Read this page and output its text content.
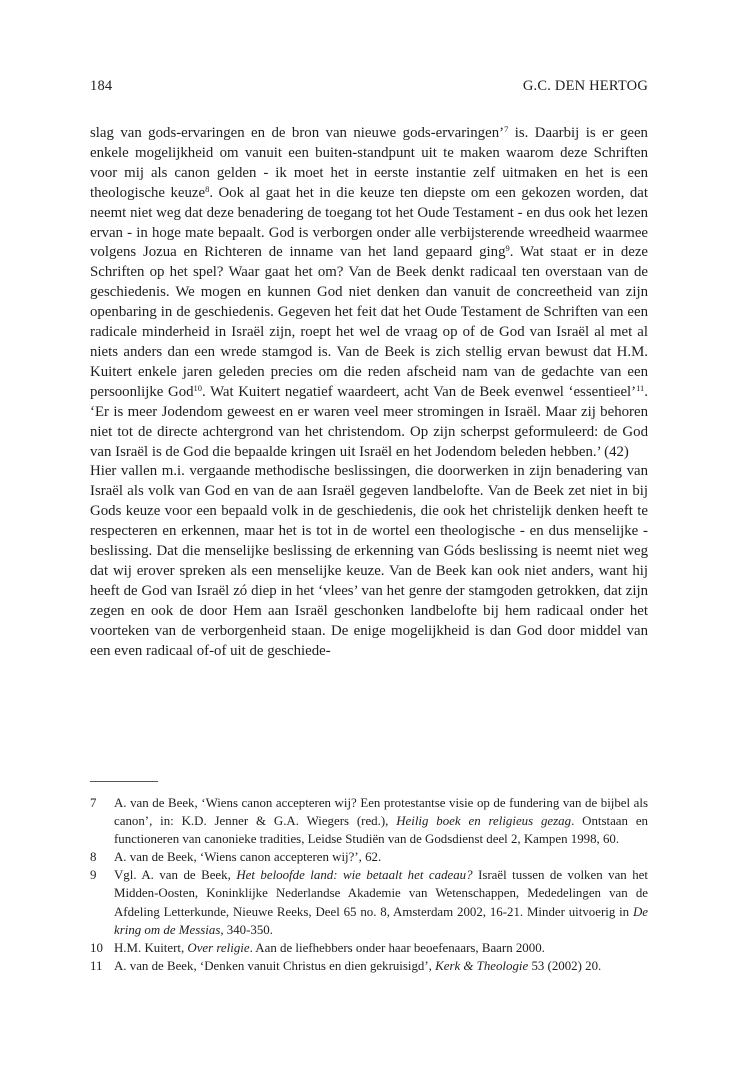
184	G.C. DEN HERTOG

slag van gods-ervaringen en de bron van nieuwe gods-ervaringen’$^7$ is. Daarbij is er geen enkele mogelijkheid om vanuit een buiten-standpunt uit te maken waarom deze Schriften voor mij als canon gelden - ik moet het in eerste instantie zelf uitmaken en het is een theologische keuze$^8$. Ook al gaat het in die keuze ten diepste om een gekozen worden, dat neemt niet weg dat deze benadering de toegang tot het Oude Testament - en dus ook het lezen ervan - in hoge mate bepaalt. God is verborgen onder alle verbijsterende wreedheid waarmee volgens Jozua en Richteren de inname van het land gepaard ging$^9$. Wat staat er in deze Schriften op het spel? Waar gaat het om? Van de Beek denkt radicaal ten overstaan van de geschiedenis. We mogen en kunnen God niet denken dan vanuit de concreetheid van zijn openbaring in de geschiedenis. Gegeven het feit dat het Oude Testament de Schriften van een radicale minderheid in Israël zijn, roept het wel de vraag op of de God van Israël al met al niets anders dan een wrede stamgod is. Van de Beek is zich stellig ervan bewust dat H.M. Kuitert enkele jaren geleden precies om die reden afscheid nam van de gedachte van een persoonlijke God$^{10}$. Wat Kuitert negatief waardeert, acht Van de Beek evenwel ‘essentieel’$^{11}$. ‘Er is meer Jodendom geweest en er waren veel meer stromingen in Israël. Maar zij behoren niet tot de directe achtergrond van het christendom. Op zijn scherpst geformuleerd: de God van Israël is de God die bepaalde kringen uit Israël en het Jodendom beleden hebben.’ (42)

Hier vallen m.i. vergaande methodische beslissingen, die doorwerken in zijn benadering van Israël als volk van God en van de aan Israël gegeven landbelofte. Van de Beek zet niet in bij Gods keuze voor een bepaald volk in de geschiedenis, die ook het christelijk denken heeft te respecteren en erkennen, maar het is tot in de wortel een theologische - en dus menselijke - beslissing. Dat die menselijke beslissing de erkenning van Góds beslissing is neemt niet weg dat wij erover spreken als een menselijke keuze. Van de Beek kan ook niet anders, want hij heeft de God van Israël zó diep in het ‘vlees’ van het genre der stamgoden getrokken, dat zijn zegen en ook de door Hem aan Israël geschonken landbelofte bij hem radicaal onder het voorteken van de verborgenheid staan. De enige mogelijkheid is dan God door middel van een even radicaal of-of uit de geschiede-

7	A. van de Beek, ‘Wiens canon accepteren wij? Een protestantse visie op de fundering van de bijbel als canon’, in: K.D. Jenner & G.A. Wiegers (red.), Heilig boek en religieus gezag. Ontstaan en functioneren van canonieke tradities, Leidse Studiën van de Godsdienst deel 2, Kampen 1998, 60.
8	A. van de Beek, ‘Wiens canon accepteren wij?’, 62.
9	Vgl. A. van de Beek, Het beloofde land: wie betaalt het cadeau? Israël tussen de volken van het Midden-Oosten, Koninklijke Nederlandse Akademie van Wetenschappen, Mededelingen van de Afdeling Letterkunde, Nieuwe Reeks, Deel 65 no. 8, Amsterdam 2002, 16-21. Minder uitvoerig in De kring om de Messias, 340-350.
10 H.M. Kuitert, Over religie. Aan de liefhebbers onder haar beoefenaars, Baarn 2000.
11 A. van de Beek, ‘Denken vanuit Christus en dien gekruisigd’, Kerk & Theologie 53 (2002) 20.
